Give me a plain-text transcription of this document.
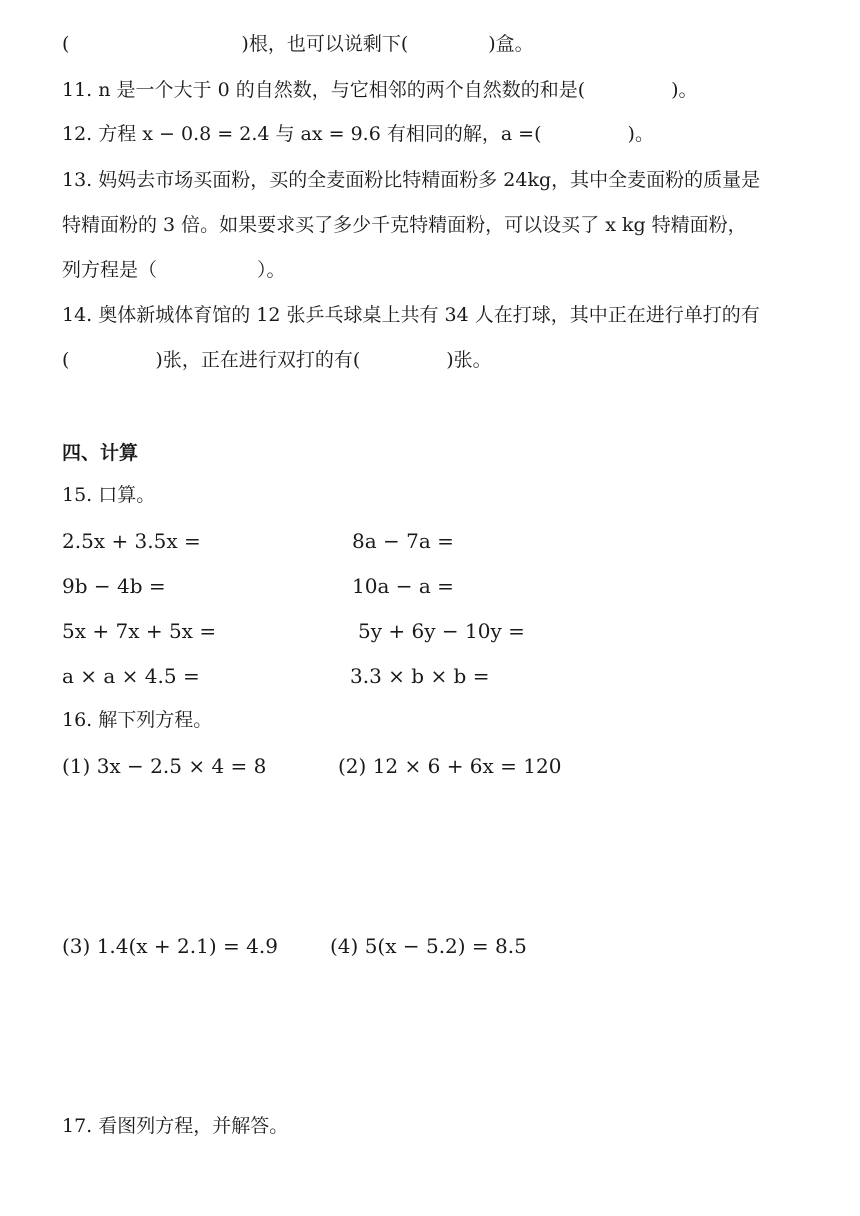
(	)根，也可以说剩下(	)盒。
11. n 是一个大于 0 的自然数，与它相邻的两个自然数的和是(	)。
12. 方程 x − 0.8 = 2.4 与 ax = 9.6 有相同的解，a =(	)。
13. 妈妈去市场买面粉，买的全麦面粉比特精面粉多 24kg，其中全麦面粉的质量是
特精面粉的 3 倍。如果要求买了多少千克特精面粉，可以设买了 x kg 特精面粉，
列方程是（	）。
14. 奥体新城体育馆的 12 张乒乓球桌上共有 34 人在打球，其中正在进行单打的有
(	)张，正在进行双打的有(	)张。
四、计算
15. 口算。
2.5x + 3.5x =	8a − 7a =
9b − 4b =	10a − a =
5x + 7x + 5x =	5y + 6y − 10y =
a × a × 4.5 =	3.3 × b × b =
16. 解下列方程。
(1) 3x − 2.5 × 4 = 8	(2) 12 × 6 + 6x = 120
(3) 1.4(x + 2.1) = 4.9	(4) 5(x − 5.2) = 8.5
17. 看图列方程，并解答。
